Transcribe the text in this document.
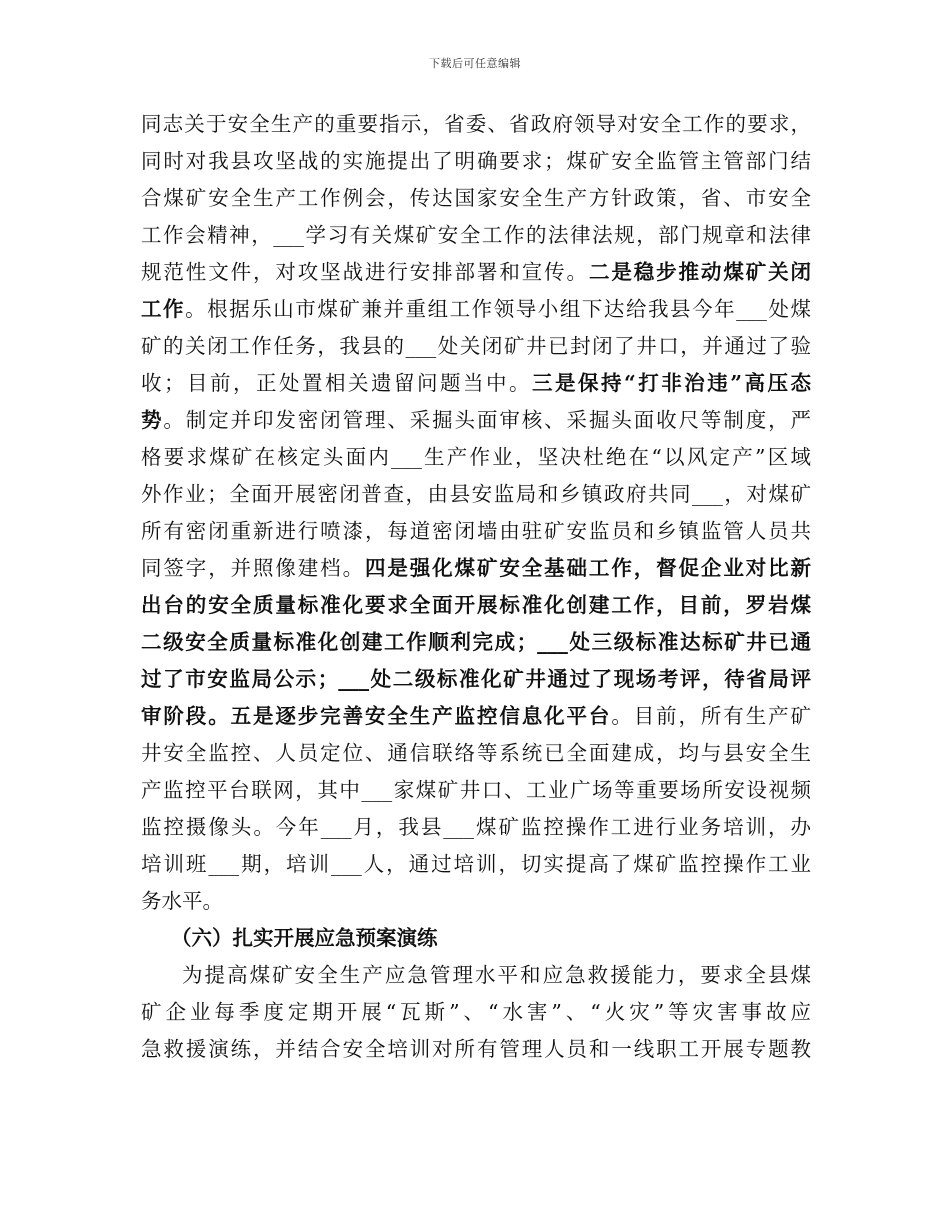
下载后可任意编辑
同志关于安全生产的重要指示，省委、省政府领导对安全工作的要求，
同时对我县攻坚战的实施提出了明确要求；煤矿安全监管主管部门结
合煤矿安全生产工作例会，传达国家安全生产方针政策，省、市安全
工作会精神，___学习有关煤矿安全工作的法律法规，部门规章和法律
规范性文件，对攻坚战进行安排部署和宣传。二是稳步推动煤矿关闭
工作。根据乐山市煤矿兼并重组工作领导小组下达给我县今年___处煤
矿的关闭工作任务，我县的___处关闭矿井已封闭了井口，并通过了验
收；目前，正处置相关遗留问题当中。三是保持“打非治违”高压态
势。制定并印发密闭管理、采掘头面审核、采掘头面收尺等制度，严
格要求煤矿在核定头面内___生产作业，坚决杜绝在“以风定产”区域
外作业；全面开展密闭普查，由县安监局和乡镇政府共同___，对煤矿
所有密闭重新进行喷漆，每道密闭墙由驻矿安监员和乡镇监管人员共
同签字，并照像建档。四是强化煤矿安全基础工作，督促企业对比新
出台的安全质量标准化要求全面开展标准化创建工作，目前，罗岩煤
二级安全质量标准化创建工作顺利完成；___处三级标准达标矿井已通
过了市安监局公示；___处二级标准化矿井通过了现场考评，待省局评
审阶段。五是逐步完善安全生产监控信息化平台。目前，所有生产矿
井安全监控、人员定位、通信联络等系统已全面建成，均与县安全生
产监控平台联网，其中___家煤矿井口、工业广场等重要场所安设视频
监控摄像头。今年___月，我县___煤矿监控操作工进行业务培训，办
培训班___期，培训___人，通过培训，切实提高了煤矿监控操作工业
务水平。
（六）扎实开展应急预案演练
为提高煤矿安全生产应急管理水平和应急救援能力，要求全县煤
矿企业每季度定期开展“瓦斯”、“水害”、“火灾”等灾害事故应
急救援演练，并结合安全培训对所有管理人员和一线职工开展专题教
